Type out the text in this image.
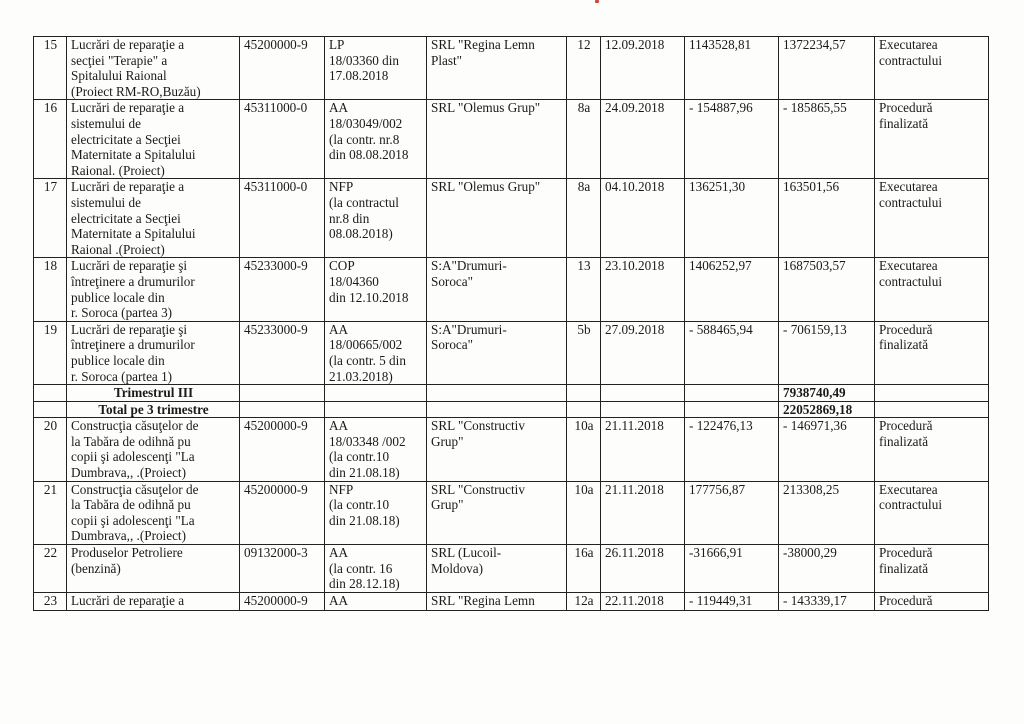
15	Lucrări de reparaţie a
secţiei "Terapie" a
Spitalului Raional
(Proiect RM-RO,Buzău)	45200000-9	LP
18/03360 din
17.08.2018	SRL "Regina Lemn
Plast"	12	12.09.2018	1143528,81	1372234,57	Executarea
contractului
16	Lucrări de reparaţie a
sistemului de
electricitate a Secţiei
Maternitate a Spitalului
Raional. (Proiect)	45311000-0	AA
18/03049/002
(la contr. nr.8
din 08.08.2018	SRL "Olemus Grup"	8a	24.09.2018	- 154887,96	- 185865,55	Procedură
finalizată
17	Lucrări de reparaţie a
sistemului de
electricitate a Secţiei
Maternitate a Spitalului
Raional .(Proiect)	45311000-0	NFP
(la contractul
nr.8 din
08.08.2018)	SRL "Olemus Grup"	8a	04.10.2018	136251,30	163501,56	Executarea
contractului
18	Lucrări de reparaţie şi
întreţinere a drumurilor
publice locale din
r. Soroca (partea 3)	45233000-9	COP
18/04360
din 12.10.2018	S:A"Drumuri-
Soroca"	13	23.10.2018	1406252,97	1687503,57	Executarea
contractului
19	Lucrări de reparaţie şi
întreţinere a drumurilor
publice locale din
r. Soroca (partea 1)	45233000-9	AA
18/00665/002
(la contr. 5 din
21.03.2018)	S:A"Drumuri-
Soroca"	5b	27.09.2018	- 588465,94	- 706159,13	Procedură
finalizată
	Trimestrul III							7938740,49	
	Total pe 3 trimestre							22052869,18	
20	Construcţia căsuţelor de
la Tabăra de odihnă pu
copii şi adolescenţi "La
Dumbrava,, .(Proiect)	45200000-9	AA
18/03348 /002
(la contr.10
din 21.08.18)	SRL "Constructiv
Grup"	10a	21.11.2018	- 122476,13	- 146971,36	Procedură
finalizată
21	Construcţia căsuţelor de
la Tabăra de odihnă pu
copii şi adolescenţi "La
Dumbrava,, .(Proiect)	45200000-9	NFP
(la contr.10
din 21.08.18)	SRL "Constructiv
Grup"	10a	21.11.2018	177756,87	213308,25	Executarea
contractului
22	Produselor Petroliere
(benzină)	09132000-3	AA
(la contr. 16
din 28.12.18)	SRL (Lucoil-
Moldova)	16a	26.11.2018	-31666,91	-38000,29	Procedură
finalizată
23	Lucrări de reparaţie a	45200000-9	AA	SRL "Regina Lemn	12a	22.11.2018	- 119449,31	- 143339,17	Procedură
